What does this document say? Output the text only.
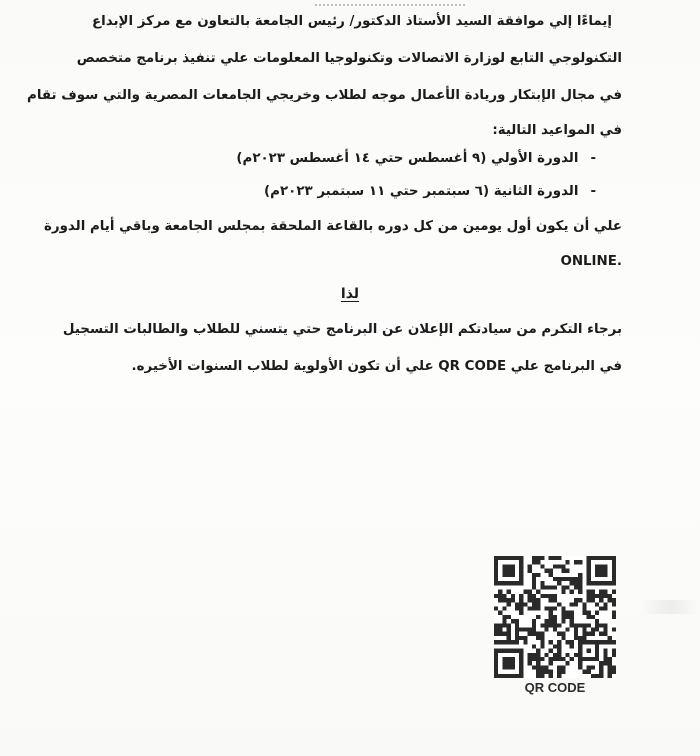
إيماءًا إلي موافقة السيد الأستاذ الدكتور/ رئيس الجامعة بالتعاون مع مركز الإبداع
التكنولوجي التابع لوزارة الاتصالات وتكنولوجيا المعلومات علي تنفيذ برنامج متخصص
في مجال الإبتكار وريادة الأعمال موجه لطلاب وخريجي الجامعات المصرية والتي سوف تقام
في المواعيد التالية:
-الدورة الأولي (٩ أغسطس حتي ١٤ أغسطس ٢٠٢٣م)
-الدورة الثانية (٦ سبتمبر حتي ١١ سبتمبر ٢٠٢٣م)
علي أن يكون أول يومين من كل دوره بالقاعة الملحقة بمجلس الجامعة وباقي أيام الدورة
.ONLINE
لذا
برجاء التكرم من سيادتكم الإعلان عن البرنامج حتي يتسني للطلاب والطالبات التسجيل
في البرنامج علي QR CODE علي أن تكون الأولوية لطلاب السنوات الأخيره.
QR CODE
